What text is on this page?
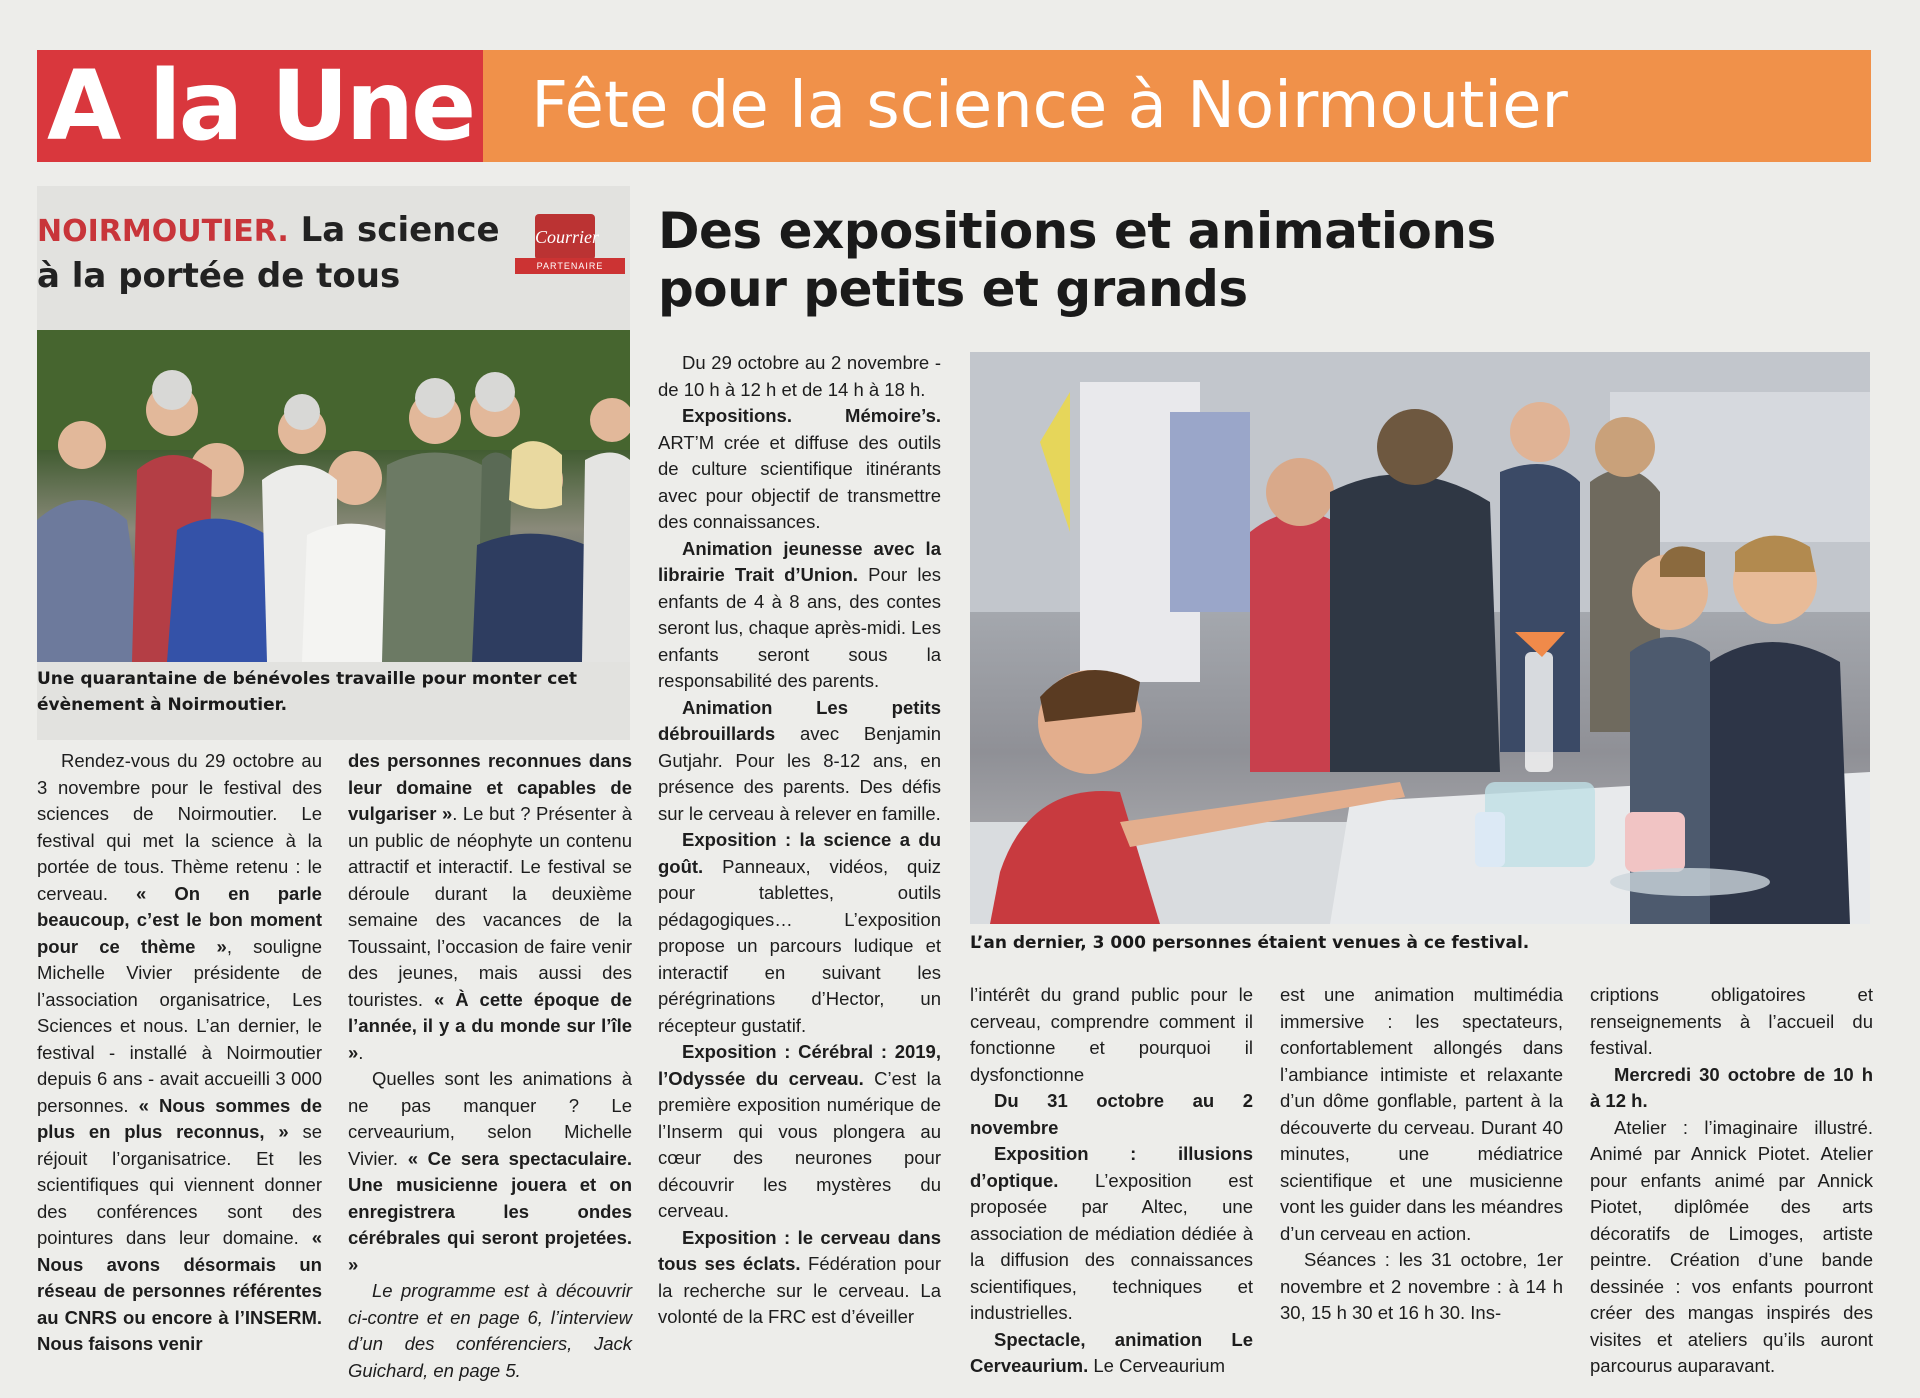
A la Une Fête de la science à Noirmoutier
NOIRMOUTIER. La science à la portée de tous
Courrier
PARTENAIRE
Une quarantaine de bénévoles travaille pour monter cet évènement à Noirmoutier.

Rendez-vous du 29 octobre au 3 novembre pour le festival des sciences de Noirmoutier. Le festival qui met la science à la portée de tous. Thème retenu : le cerveau. « On en parle beaucoup, c’est le bon moment pour ce thème », souligne Michelle Vivier présidente de l’association organisatrice, Les Sciences et nous. L’an dernier, le festival - installé à Noirmoutier depuis 6 ans - avait accueilli 3 000 personnes. « Nous sommes de plus en plus reconnus, » se réjouit l’organisatrice. Et les scientifiques qui viennent donner des conférences sont des pointures dans leur domaine. « Nous avons désormais un réseau de personnes référentes au CNRS ou encore à l’INSERM. Nous faisons venir

des personnes reconnues dans leur domaine et capables de vulgariser ». Le but ? Présenter à un public de néophyte un contenu attractif et interactif. Le festival se déroule durant la deuxième semaine des vacances de la Toussaint, l’occasion de faire venir des jeunes, mais aussi des touristes. « À cette époque de l’année, il y a du monde sur l’île ».

Quelles sont les animations à ne pas manquer ? Le cerveaurium, selon Michelle Vivier. « Ce sera spectaculaire. Une musicienne jouera et on enregistrera les ondes cérébrales qui seront projetées. »

Le programme est à découvrir ci-contre et en page 6, l’interview d’un des conférenciers, Jack Guichard, en page 5.

Des expositions et animations pour petits et grands

Du 29 octobre au 2 novembre - de 10 h à 12 h et de 14 h à 18 h.

Expositions. Mémoire’s. ART’M crée et diffuse des outils de culture scientifique itinérants avec pour objectif de transmettre des connaissances.

Animation jeunesse avec la librairie Trait d’Union. Pour les enfants de 4 à 8 ans, des contes seront lus, chaque après-midi. Les enfants seront sous la responsabilité des parents.

Animation Les petits débrouillards avec Benjamin Gutjahr. Pour les 8-12 ans, en présence des parents. Des défis sur le cerveau à relever en famille.

Exposition : la science a du goût. Panneaux, vidéos, quiz pour tablettes, outils pédagogiques… L’exposition propose un parcours ludique et interactif en suivant les pérégrinations d’Hector, un récepteur gustatif.

Exposition : Cérébral : 2019, l’Odyssée du cerveau. C’est la première exposition numérique de l’Inserm qui vous plongera au cœur des neurones pour découvrir les mystères du cerveau.

Exposition : le cerveau dans tous ses éclats. Fédération pour la recherche sur le cerveau. La volonté de la FRC est d’éveiller

L’an dernier, 3 000 personnes étaient venues à ce festival.

l’intérêt du grand public pour le cerveau, comprendre comment il fonctionne et pourquoi il dysfonctionne

Du 31 octobre au 2 novembre

Exposition : illusions d’optique. L’exposition est proposée par Altec, une association de médiation dédiée à la diffusion des connaissances scientifiques, techniques et industrielles.

Spectacle, animation Le Cerveaurium. Le Cerveaurium

est une animation multimédia immersive : les spectateurs, confortablement allongés dans l’ambiance intimiste et relaxante d’un dôme gonflable, partent à la découverte du cerveau. Durant 40 minutes, une médiatrice scientifique et une musicienne vont les guider dans les méandres d’un cerveau en action.

Séances : les 31 octobre, 1er novembre et 2 novembre : à 14 h 30, 15 h 30 et 16 h 30. Ins-

criptions obligatoires et renseignements à l’accueil du festival.

Mercredi 30 octobre de 10 h à 12 h.

Atelier : l’imaginaire illustré. Animé par Annick Piotet. Atelier pour enfants animé par Annick Piotet, diplômée des arts décoratifs de Limoges, artiste peintre. Création d’une bande dessinée : vos enfants pourront créer des mangas inspirés des visites et ateliers qu’ils auront parcourus auparavant.
